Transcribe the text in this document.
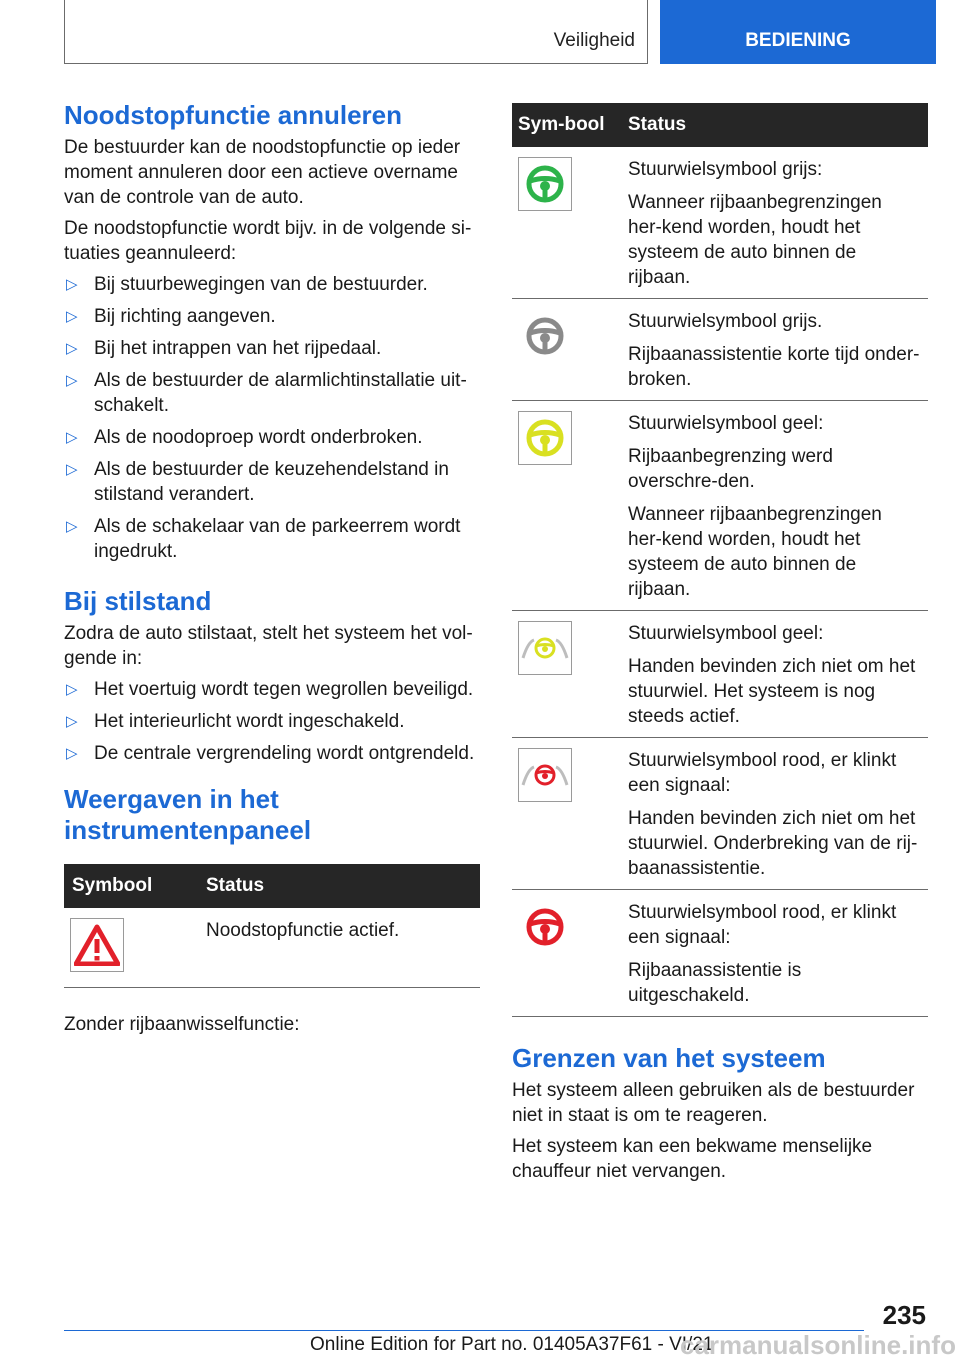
Veiligheid	BEDIENING
Noodstopfunctie annuleren

De bestuurder kan de noodstopfunctie op ieder moment annuleren door een actieve overname van de controle van de auto.

De noodstopfunctie wordt bijv. in de volgende si‐tuaties geannuleerd:

▷ Bij stuurbewegingen van de bestuurder.
▷ Bij richting aangeven.
▷ Bij het intrappen van het rijpedaal.
▷ Als de bestuurder de alarmlichtinstallatie uit‐schakelt.
▷ Als de noodoproep wordt onderbroken.
▷ Als de bestuurder de keuzehendelstand in stilstand verandert.
▷ Als de schakelaar van de parkeerrem wordt ingedrukt.
Bij stilstand

Zodra de auto stilstaat, stelt het systeem het vol‐gende in:

▷ Het voertuig wordt tegen wegrollen beveiligd.
▷ Het interieurlicht wordt ingeschakeld.
▷ De centrale vergrendeling wordt ontgrendeld.
Weergaven in het instrumentenpaneel
Symbool	Status

Noodstopfunctie actief.

Zonder rijbaanwisselfunctie:

Sym‐bool	Status

Stuurwielsymbool grijs:

Wanneer rijbaanbegrenzingen her‐kend worden, houdt het systeem de auto binnen de rijbaan.

Stuurwielsymbool grijs.

Rijbaanassistentie korte tijd onder‐broken.

Stuurwielsymbool geel:

Rijbaanbegrenzing werd overschre‐den.

Wanneer rijbaanbegrenzingen her‐kend worden, houdt het systeem de auto binnen de rijbaan.

Stuurwielsymbool geel:

Handen bevinden zich niet om het stuurwiel. Het systeem is nog steeds actief.

Stuurwielsymbool rood, er klinkt een signaal:

Handen bevinden zich niet om het stuurwiel. Onderbreking van de rij‐baanassistentie.

Stuurwielsymbool rood, er klinkt een signaal:

Rijbaanassistentie is uitgeschakeld.

Grenzen van het systeem

Het systeem alleen gebruiken als de bestuurder niet in staat is om te reageren.

Het systeem kan een bekwame menselijke chauffeur niet vervangen.

235
Online Edition for Part no. 01405A37F61 - VI/21
carmanualsonline.info
